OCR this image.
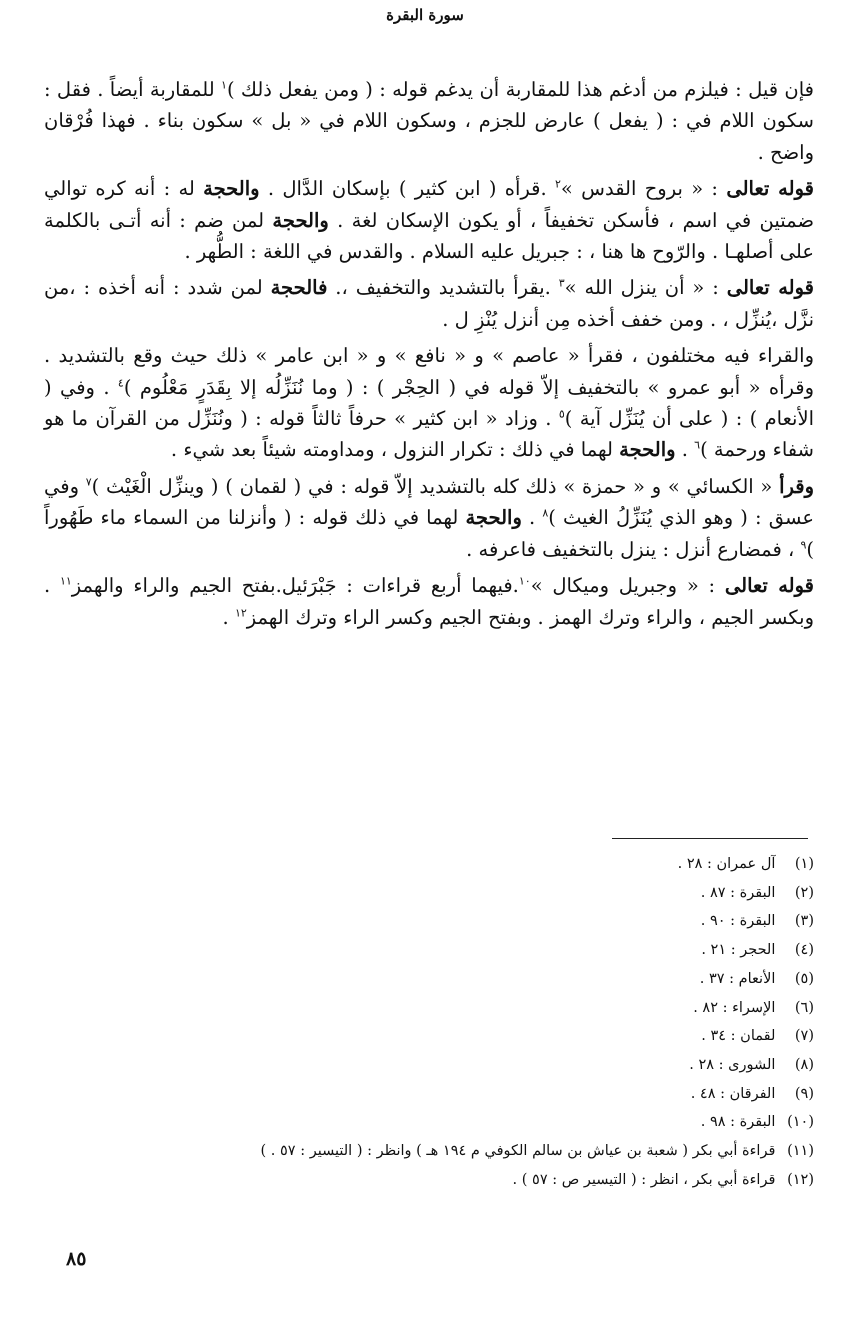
سورة البقرة

فإن قيل : فيلزم من أدغم هذا للمقاربة أن يدغم قوله : ( ومن يفعل ذلك )$^١$ للمقاربة أيضاً . فقل : سكون اللام في : ( يفعل ) عارض للجزم ، وسكون اللام في « بل » سكون بناء . فهذا فُرْقان واضح .

قوله تعالى : « بروح القدس »$^٢$ .قرأه ( ابن كثير ) بإسكان الدَّال . والحجة له : أنه كره توالي ضمتين في اسم ، فأسكن تخفيفاً ، أو يكون الإسكان لغة . والحجة لمن ضم : أنه أتـى بالكلمة على أصلهـا . والرّوح ها هنا ، : جبريل عليه السلام . والقدس في اللغة : الطُّهر .

قوله تعالى : « أن ينزل الله »$^٣$ .يقرأ بالتشديد والتخفيف ،. فالحجة لمن شدد : أنه أخذه : ،من نزَّل ،يُنزِّل ، . ومن خفف أخذه مِن أنزل يُنْزِ ل .

والقراء فيه مختلفون ، فقرأ « عاصم » و « نافع » و « ابن عامر » ذلك حيث وقع بالتشديد . وقرأه « أبو عمرو » بالتخفيف إلاّ قوله في ( الحِجْر ) : ( وما نُنَزِّلُه إلا بِقَدَرٍ مَعْلُوم )$^٤$ . وفي ( الأنعام ) : ( على أن يُنَزِّل آية )$^٥$ . وزاد « ابن كثير » حرفاً ثالثاً قوله : ( ونُنَزِّل من القرآن ما هو شفاء ورحمة )$^٦$ . والحجة لهما في ذلك : تكرار النزول ، ومداومته شيئاً بعد شيء .

وقرأ « الكسائي » و « حمزة » ذلك كله بالتشديد إلاّ قوله : في ( لقمان ) ( وينزِّل الْغَيْث )$^٧$ وفي عسق : ( وهو الذي يُنَزِّلُ الغيث )$^٨$ . والحجة لهما في ذلك قوله : ( وأنزلنا من السماء ماء طَهُوراً )$^٩$ ، فمضارع أنزل : ينزل بالتخفيف فاعرفه .

قوله تعالى : « وجبريل وميكال »$^{١٠}$.فيهما أربع قراءات : جَبْرَئيل.بفتح الجيم والراء والهمز$^{١١}$ . وبكسر الجيم ، والراء وترك الهمز . وبفتح الجيم وكسر الراء وترك الهمز$^{١٢}$ .

(١) آل عمران : ٢٨ .
(٢) البقرة : ٨٧ .
(٣) البقرة : ٩٠ .
(٤) الحجر : ٢١ .
(٥) الأنعام : ٣٧ .
(٦) الإسراء : ٨٢ .
(٧) لقمان : ٣٤ .
(٨) الشورى : ٢٨ .
(٩) الفرقان : ٤٨ .
(١٠) البقرة : ٩٨ .
(١١) قراءة أبي بكر ( شعبة بن عياش بن سالم الكوفي م ١٩٤ هـ ) وانظر : ( التيسير : ٥٧ . )
(١٢) قراءة أبي بكر ، انظر : ( التيسير ص : ٥٧ ) .
٨٥
